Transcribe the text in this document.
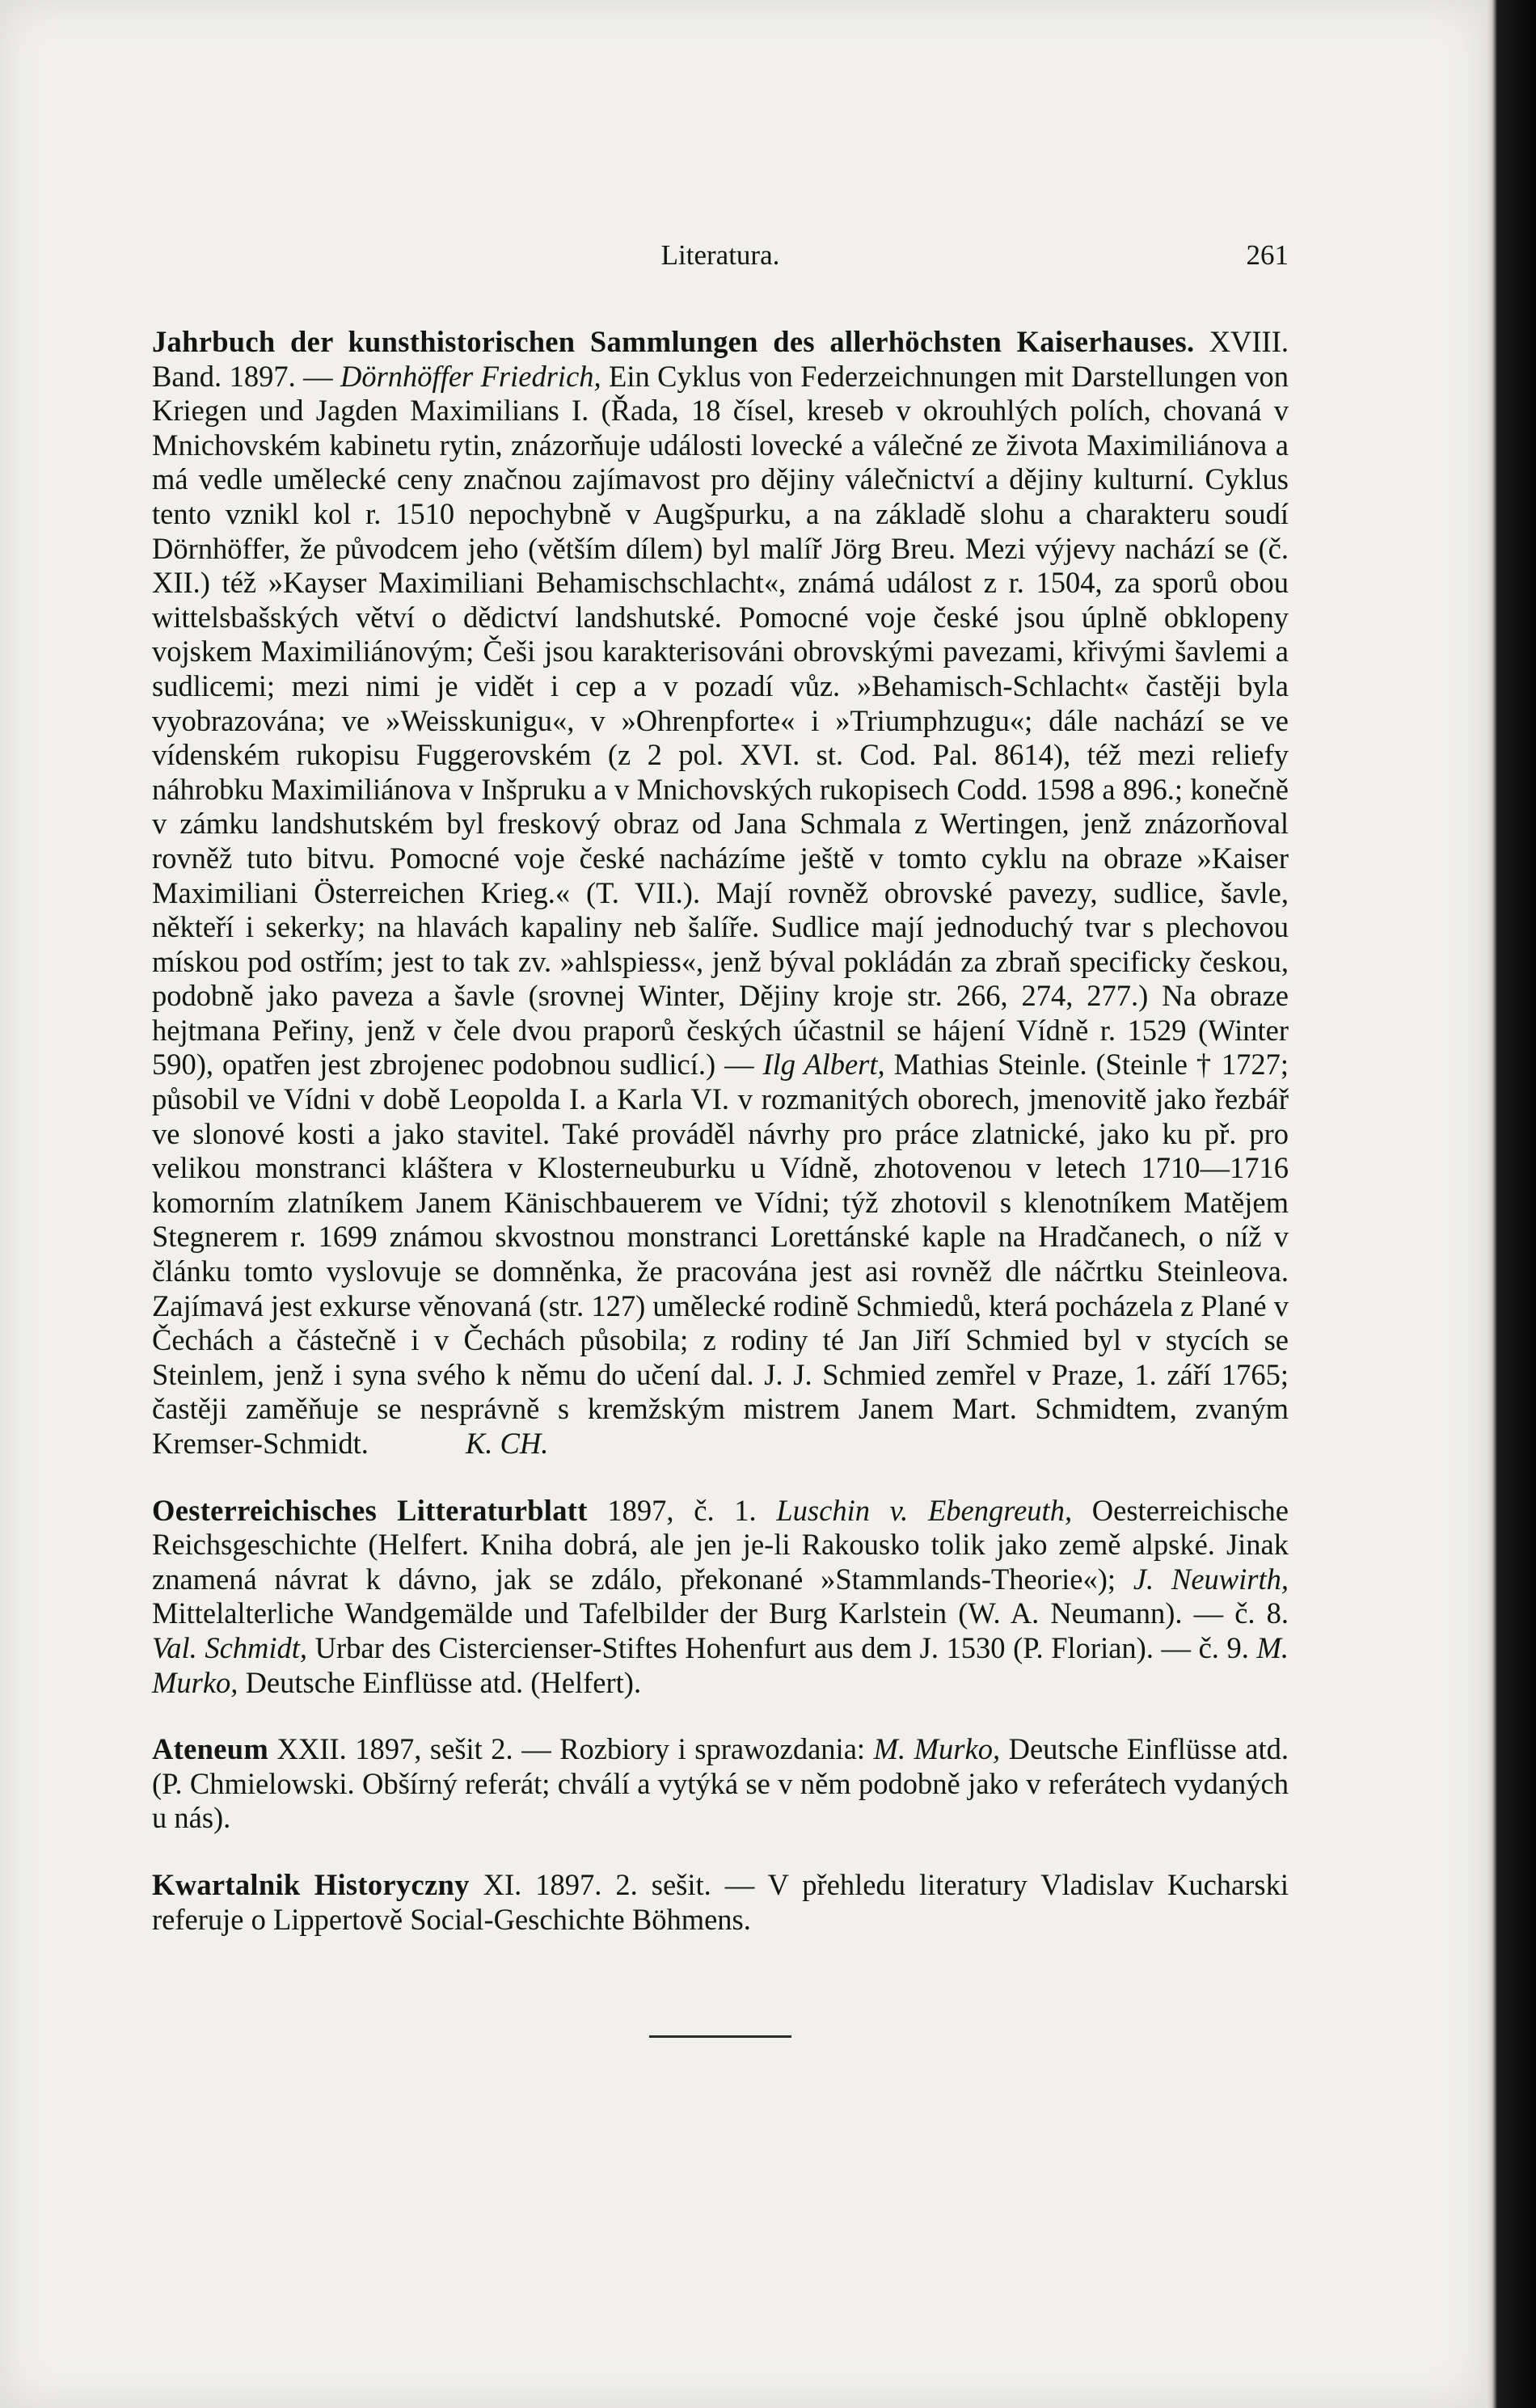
Literatura.	261

Jahrbuch der kunsthistorischen Sammlungen des allerhöchsten Kaiserhauses. XVIII. Band. 1897. — Dörnhöffer Friedrich, Ein Cyklus von Federzeichnungen mit Darstellungen von Kriegen und Jagden Maximilians I. (Řada, 18 čísel, kreseb v okrouhlých polích, chovaná v Mnichovském kabinetu rytin, znázorňuje události lovecké a válečné ze života Maximiliánova a má vedle umělecké ceny značnou zajímavost pro dějiny válečnictví a dějiny kulturní. Cyklus tento vznikl kol r. 1510 nepochybně v Augšpurku, a na základě slohu a charakteru soudí Dörnhöffer, že původcem jeho (větším dílem) byl malíř Jörg Breu. Mezi výjevy nachází se (č. XII.) též »Kayser Maximiliani Behamischschlacht«, známá událost z r. 1504, za sporů obou wittelsbašských větví o dědictví landshutské. Pomocné voje české jsou úplně obklopeny vojskem Maximiliánovým; Češi jsou karakterisováni obrovskými pavezami, křivými šavlemi a sudlicemi; mezi nimi je vidět i cep a v pozadí vůz. »Behamisch-Schlacht« častěji byla vyobrazována; ve »Weisskunigu«, v »Ohrenpforte« i »Triumphzugu«; dále nachází se ve vídenském rukopisu Fuggerovském (z 2 pol. XVI. st. Cod. Pal. 8614), též mezi reliefy náhrobku Maximiliánova v Inšpruku a v Mnichovských rukopisech Codd. 1598 a 896.; konečně v zámku landshutském byl freskový obraz od Jana Schmala z Wertingen, jenž znázorňoval rovněž tuto bitvu. Pomocné voje české nacházíme ještě v tomto cyklu na obraze »Kaiser Maximiliani Österreichen Krieg.« (T. VII.). Mají rovněž obrovské pavezy, sudlice, šavle, někteří i sekerky; na hlavách kapaliny neb šalíře. Sudlice mají jednoduchý tvar s plechovou mískou pod ostřím; jest to tak zv. »ahlspiess«, jenž býval pokládán za zbraň specificky českou, podobně jako paveza a šavle (srovnej Winter, Dějiny kroje str. 266, 274, 277.) Na obraze hejtmana Peřiny, jenž v čele dvou praporů českých účastnil se hájení Vídně r. 1529 (Winter 590), opatřen jest zbrojenec podobnou sudlicí.) — Ilg Albert, Mathias Steinle. (Steinle † 1727; působil ve Vídni v době Leopolda I. a Karla VI. v rozmanitých oborech, jmenovitě jako řezbář ve slonové kosti a jako stavitel. Také prováděl návrhy pro práce zlatnické, jako ku př. pro velikou monstranci kláštera v Klosterneuburku u Vídně, zhotovenou v letech 1710—1716 komorním zlatníkem Janem Känischbauerem ve Vídni; týž zhotovil s klenotníkem Matějem Stegnerem r. 1699 známou skvostnou monstranci Lorettánské kaple na Hradčanech, o níž v článku tomto vyslovuje se domněnka, že pracována jest asi rovněž dle náčrtku Steinleova. Zajímavá jest exkurse věnovaná (str. 127) umělecké rodině Schmiedů, která pocházela z Plané v Čechách a částečně i v Čechách působila; z rodiny té Jan Jiří Schmied byl v stycích se Steinlem, jenž i syna svého k němu do učení dal. J. J. Schmied zemřel v Praze, 1. září 1765; častěji zaměňuje se nesprávně s kremžským mistrem Janem Mart. Schmidtem, zvaným Kremser-Schmidt.	K. CH.

Oesterreichisches Litteraturblatt 1897, č. 1. Luschin v. Ebengreuth, Oesterreichische Reichsgeschichte (Helfert. Kniha dobrá, ale jen je-li Rakousko tolik jako země alpské. Jinak znamená návrat k dávno, jak se zdálo, překonané »Stammlands-Theorie«); J. Neuwirth, Mittelalterliche Wandgemälde und Tafelbilder der Burg Karlstein (W. A. Neumann). — č. 8. Val. Schmidt, Urbar des Cistercienser-Stiftes Hohenfurt aus dem J. 1530 (P. Florian). — č. 9. M. Murko, Deutsche Einflüsse atd. (Helfert).

Ateneum XXII. 1897, sešit 2. — Rozbiory i sprawozdania: M. Murko, Deutsche Einflüsse atd. (P. Chmielowski. Obšírný referát; chválí a vytýká se v něm podobně jako v referátech vydaných u nás).

Kwartalnik Historyczny XI. 1897. 2. sešit. — V přehledu literatury Vladislav Kucharski referuje o Lippertově Social-Geschichte Böhmens.
